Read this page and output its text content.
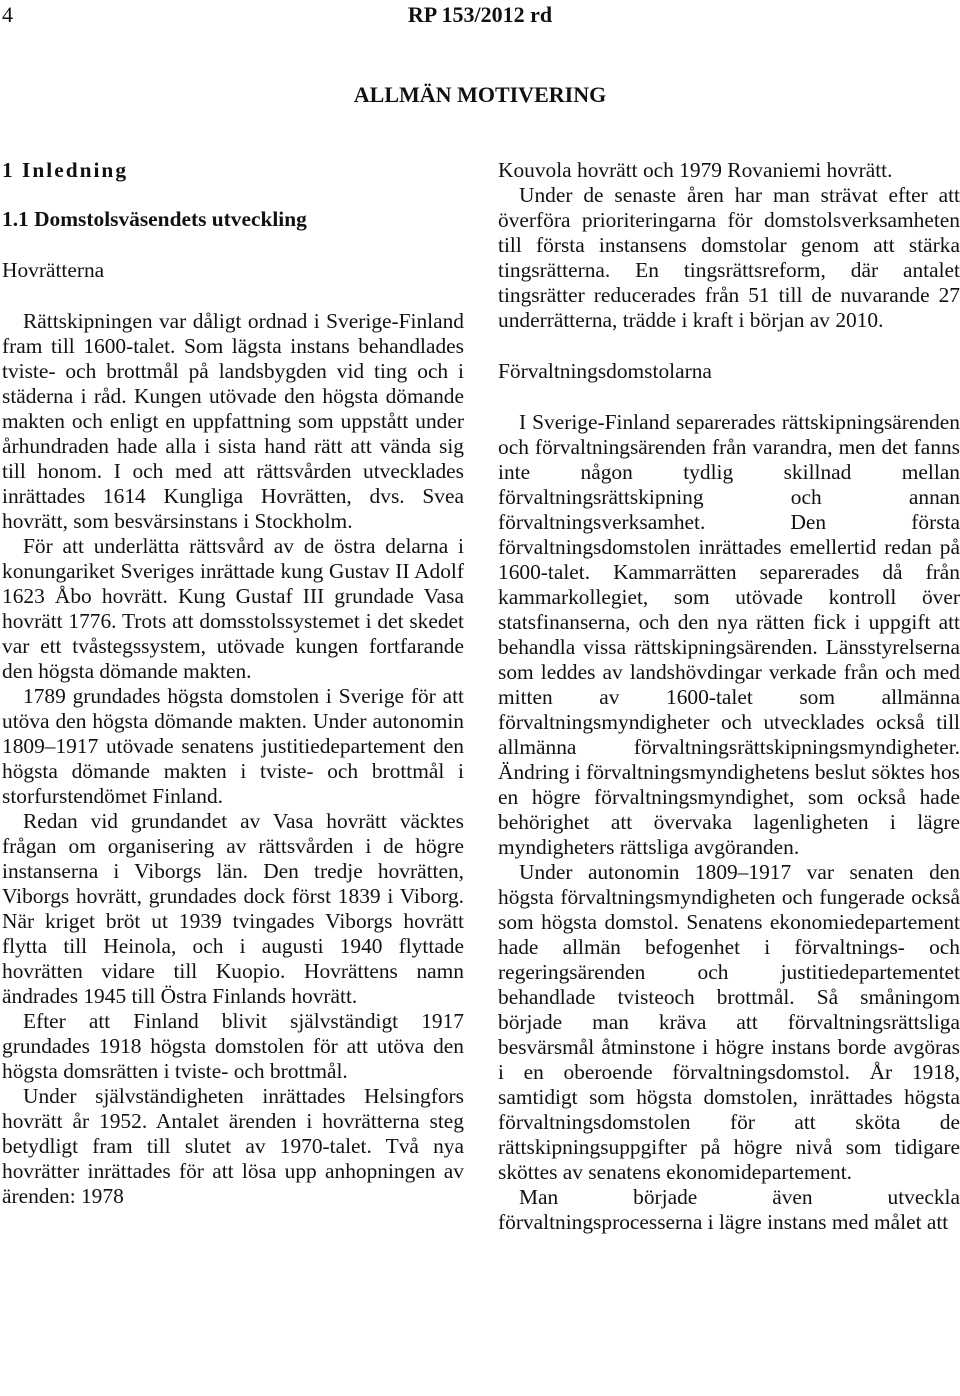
4	RP 153/2012 rd
ALLMÄN MOTIVERING
1 Inledning
1.1 Domstolsväsendets utveckling
Hovrätterna

Rättskipningen var dåligt ordnad i Sverige-Finland fram till 1600-talet. Som lägsta instans behandlades tviste- och brottmål på landsbygden vid ting och i städerna i råd. Kungen utövade den högsta dömande makten och enligt en uppfattning som uppstått under århundraden hade alla i sista hand rätt att vända sig till honom. I och med att rättsvården utvecklades inrättades 1614 Kungliga Hovrätten, dvs. Svea hovrätt, som besvärsinstans i Stockholm.

För att underlätta rättsvård av de östra delarna i konungariket Sveriges inrättade kung Gustav II Adolf 1623 Åbo hovrätt. Kung Gustaf III grundade Vasa hovrätt 1776. Trots att domsstolssystemet i det skedet var ett tvåstegssystem, utövade kungen fortfarande den högsta dömande makten.

1789 grundades högsta domstolen i Sverige för att utöva den högsta dömande makten. Under autonomin 1809–1917 utövade senatens justitiedepartement den högsta dömande makten i tviste- och brottmål i storfurstendömet Finland.

Redan vid grundandet av Vasa hovrätt väcktes frågan om organisering av rättsvården i de högre instanserna i Viborgs län. Den tredje hovrätten, Viborgs hovrätt, grundades dock först 1839 i Viborg. När kriget bröt ut 1939 tvingades Viborgs hovrätt flytta till Heinola, och i augusti 1940 flyttade hovrätten vidare till Kuopio. Hovrättens namn ändrades 1945 till Östra Finlands hovrätt.

Efter att Finland blivit självständigt 1917 grundades 1918 högsta domstolen för att utöva den högsta domsrätten i tviste- och brottmål.

Under självständigheten inrättades Helsingfors hovrätt år 1952. Antalet ärenden i hovrätterna steg betydligt fram till slutet av 1970-talet. Två nya hovrätter inrättades för att lösa upp anhopningen av ärenden: 1978

Kouvola hovrätt och 1979 Rovaniemi hovrätt.

Under de senaste åren har man strävat efter att överföra prioriteringarna för domstolsverksamheten till första instansens domstolar genom att stärka tingsrätterna. En tingsrättsreform, där antalet tingsrätter reducerades från 51 till de nuvarande 27 underrätterna, trädde i kraft i början av 2010.

Förvaltningsdomstolarna

I Sverige-Finland separerades rättskipningsärenden och förvaltningsärenden från varandra, men det fanns inte någon tydlig skillnad mellan förvaltningsrättskipning och annan förvaltningsverksamhet. Den första förvaltningsdomstolen inrättades emellertid redan på 1600-talet. Kammarrätten separerades då från kammarkollegiet, som utövade kontroll över statsfinanserna, och den nya rätten fick i uppgift att behandla vissa rättskipningsärenden. Länsstyrelserna som leddes av landshövdingar verkade från och med mitten av 1600-talet som allmänna förvaltningsmyndigheter och utvecklades också till allmänna förvaltningsrättskipningsmyndigheter. Ändring i förvaltningsmyndighetens beslut söktes hos en högre förvaltningsmyndighet, som också hade behörighet att övervaka lagenligheten i lägre myndigheters rättsliga avgöranden.

Under autonomin 1809–1917 var senaten den högsta förvaltningsmyndigheten och fungerade också som högsta domstol. Senatens ekonomiedepartement hade allmän befogenhet i förvaltnings- och regeringsärenden och justitiedepartementet behandlade tvisteoch brottmål. Så småningom började man kräva att förvaltningsrättsliga besvärsmål åtminstone i högre instans borde avgöras i en oberoende förvaltningsdomstol. År 1918, samtidigt som högsta domstolen, inrättades högsta förvaltningsdomstolen för att sköta de rättskipningsuppgifter på högre nivå som tidigare sköttes av senatens ekonomidepartement.

Man började även utveckla förvaltningsprocesserna i lägre instans med målet att
